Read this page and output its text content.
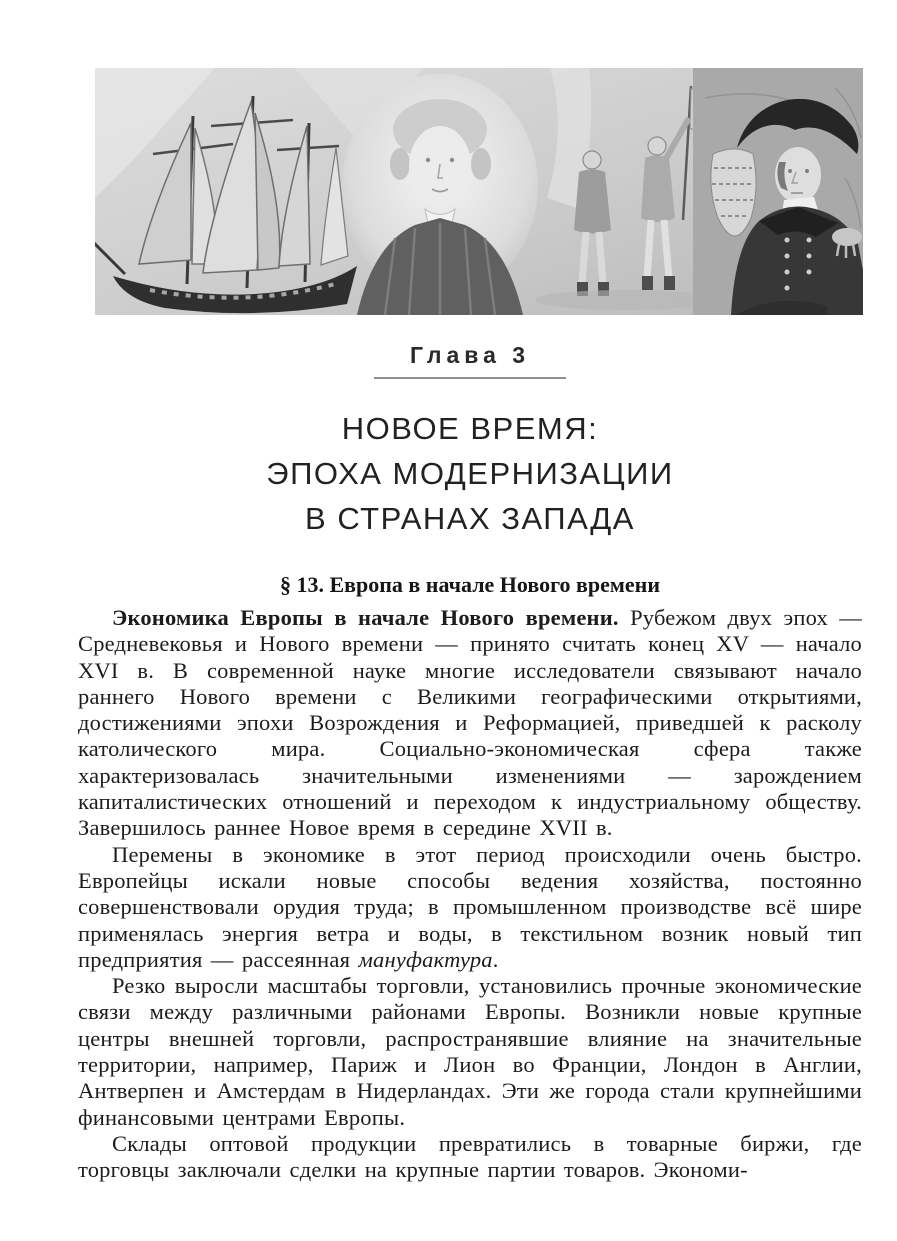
Глава 3
НОВОЕ ВРЕМЯ:
ЭПОХА МОДЕРНИЗАЦИИ
В СТРАНАХ ЗАПАДА
§ 13. Европа в начале Нового времени

Экономика Европы в начале Нового времени. Рубежом двух эпох — Средневековья и Нового времени — принято считать конец XV — начало XVI в. В современной науке многие исследователи связывают начало раннего Нового времени с Великими географическими открытиями, достижениями эпохи Возрождения и Реформацией, приведшей к расколу католического мира. Социально-экономическая сфера также характеризовалась значительными изменениями — зарождением капиталистических отношений и переходом к индустриальному обществу. Завершилось раннее Новое время в середине XVII в.

Перемены в экономике в этот период происходили очень быстро. Европейцы искали новые способы ведения хозяйства, постоянно совершенствовали орудия труда; в промышленном производстве всё шире применялась энергия ветра и воды, в текстильном возник новый тип предприятия — рассеянная мануфактура.

Резко выросли масштабы торговли, установились прочные экономические связи между различными районами Европы. Возникли новые крупные центры внешней торговли, распространявшие влияние на значительные территории, например, Париж и Лион во Франции, Лондон в Англии, Антверпен и Амстердам в Нидерландах. Эти же города стали крупнейшими финансовыми центрами Европы.

Склады оптовой продукции превратились в товарные биржи, где торговцы заключали сделки на крупные партии товаров. Экономи-
